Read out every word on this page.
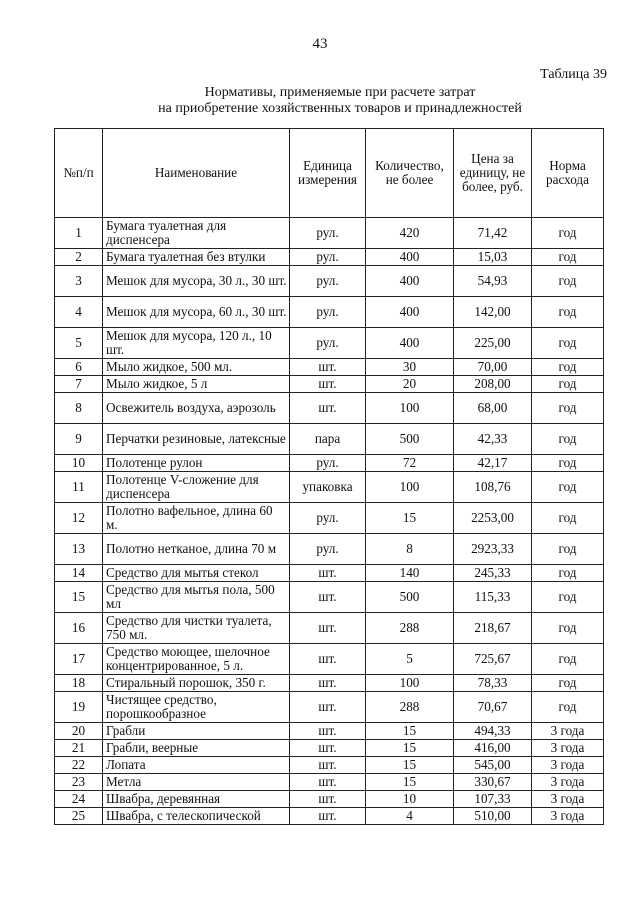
43
Таблица 39
Нормативы, применяемые при расчете затрат
на приобретение хозяйственных товаров и принадлежностей
№п/п	Наименование	Единица измерения	Количество, не более	Цена за единицу, не более, руб.	Норма расхода
1	Бумага туалетная для диспенсера	рул.	420	71,42	год
2	Бумага туалетная без втулки	рул.	400	15,03	год
3	Мешок для мусора, 30 л., 30 шт.	рул.	400	54,93	год
4	Мешок для мусора, 60 л., 30 шт.	рул.	400	142,00	год
5	Мешок для мусора, 120 л., 10 шт.	рул.	400	225,00	год
6	Мыло жидкое, 500 мл.	шт.	30	70,00	год
7	Мыло жидкое, 5 л	шт.	20	208,00	год
8	Освежитель воздуха, аэрозоль	шт.	100	68,00	год
9	Перчатки резиновые, латексные	пара	500	42,33	год
10	Полотенце рулон	рул.	72	42,17	год
11	Полотенце V-сложение для диспенсера	упаковка	100	108,76	год
12	Полотно вафельное, длина 60 м.	рул.	15	2253,00	год
13	Полотно нетканое, длина 70 м	рул.	8	2923,33	год
14	Средство для мытья стекол	шт.	140	245,33	год
15	Средство для мытья пола, 500 мл	шт.	500	115,33	год
16	Средство для чистки туалета, 750 мл.	шт.	288	218,67	год
17	Средство моющее, шелочное концентрированное, 5 л.	шт.	5	725,67	год
18	Стиральный порошок, 350 г.	шт.	100	78,33	год
19	Чистящее средство, порошкообразное	шт.	288	70,67	год
20	Грабли	шт.	15	494,33	3 года
21	Грабли, веерные	шт.	15	416,00	3 года
22	Лопата	шт.	15	545,00	3 года
23	Метла	шт.	15	330,67	3 года
24	Швабра, деревянная	шт.	10	107,33	3 года
25	Швабра, с телескопической	шт.	4	510,00	3 года
